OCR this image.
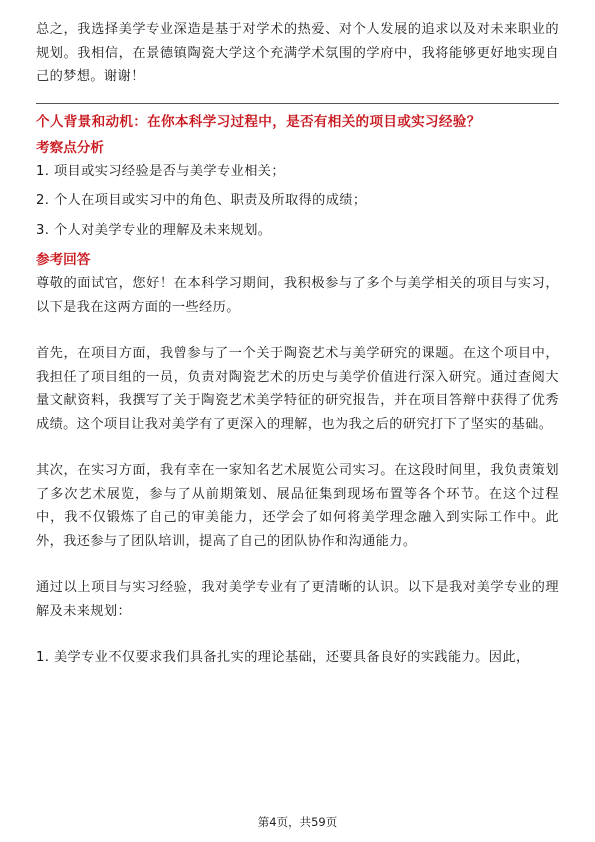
总之，我选择美学专业深造是基于对学术的热爱、对个人发展的追求以及对未来职业的规划。我相信，在景德镇陶瓷大学这个充满学术氛围的学府中，我将能够更好地实现自己的梦想。谢谢！

个人背景和动机：在你本科学习过程中，是否有相关的项目或实习经验？
考察点分析
1. 项目或实习经验是否与美学专业相关；
2. 个人在项目或实习中的角色、职责及所取得的成绩；
3. 个人对美学专业的理解及未来规划。
参考回答

尊敬的面试官，您好！在本科学习期间，我积极参与了多个与美学相关的项目与实习，以下是我在这两方面的一些经历。

首先，在项目方面，我曾参与了一个关于陶瓷艺术与美学研究的课题。在这个项目中，我担任了项目组的一员，负责对陶瓷艺术的历史与美学价值进行深入研究。通过查阅大量文献资料，我撰写了关于陶瓷艺术美学特征的研究报告，并在项目答辩中获得了优秀成绩。这个项目让我对美学有了更深入的理解，也为我之后的研究打下了坚实的基础。

其次，在实习方面，我有幸在一家知名艺术展览公司实习。在这段时间里，我负责策划了多次艺术展览，参与了从前期策划、展品征集到现场布置等各个环节。在这个过程中，我不仅锻炼了自己的审美能力，还学会了如何将美学理念融入到实际工作中。此外，我还参与了团队培训，提高了自己的团队协作和沟通能力。

通过以上项目与实习经验，我对美学专业有了更清晰的认识。以下是我对美学专业的理解及未来规划：

1. 美学专业不仅要求我们具备扎实的理论基础，还要具备良好的实践能力。因此，

第4页，共59页
